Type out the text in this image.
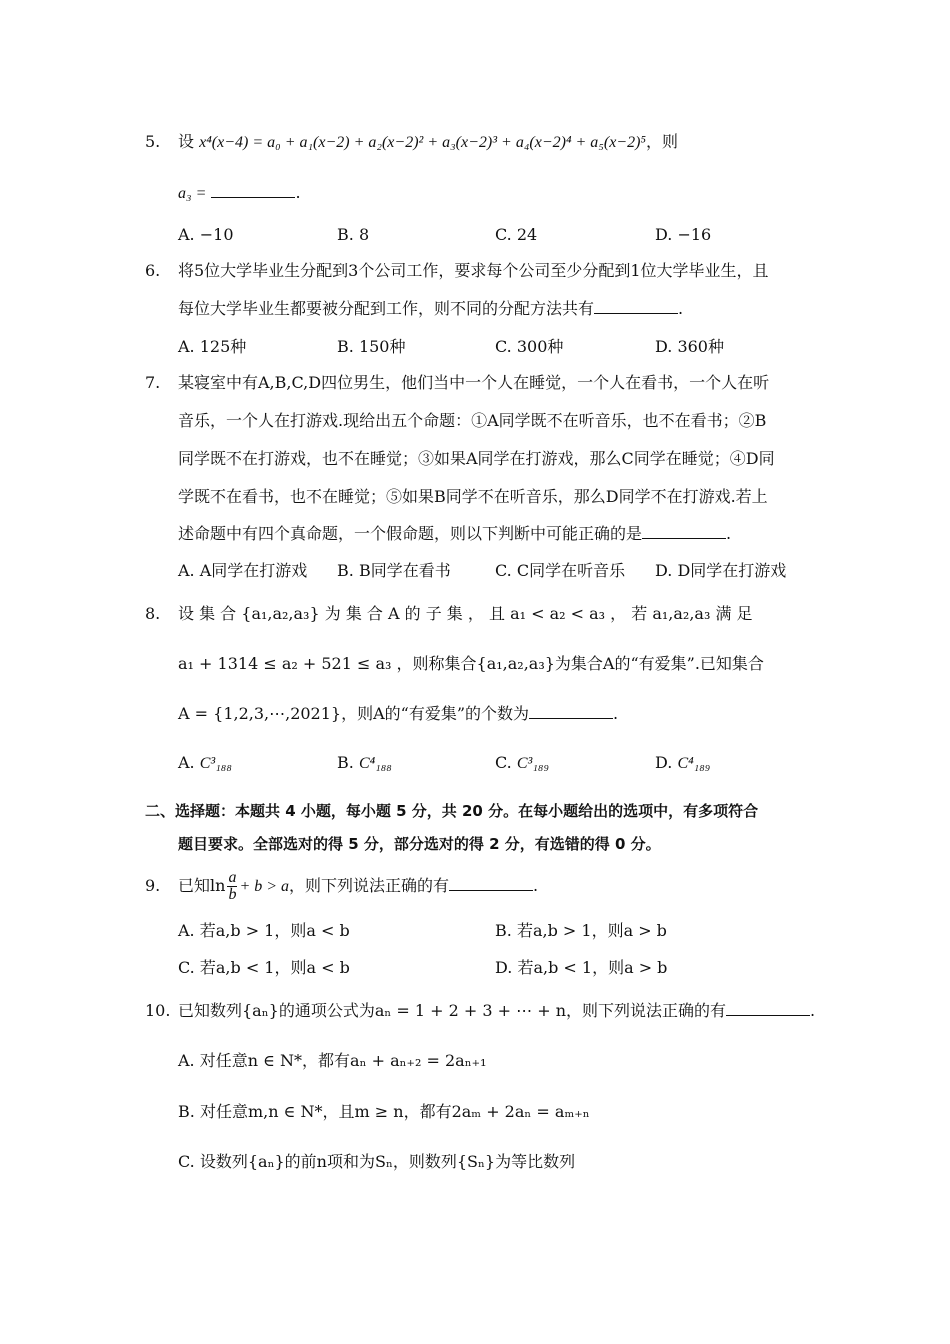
5. 设 x⁴(x−4) = a₀ + a₁(x−2) + a₂(x−2)² + a₃(x−2)³ + a₄(x−2)⁴ + a₅(x−2)⁵，则
a₃ =	.
A. −10	B. 8	C. 24	D. −16
6. 将5位大学毕业生分配到3个公司工作，要求每个公司至少分配到1位大学毕业生，且
每位大学毕业生都要被分配到工作，则不同的分配方法共有	.
A. 125种	B. 150种	C. 300种	D. 360种
7. 某寝室中有A,B,C,D四位男生，他们当中一个人在睡觉，一个人在看书，一个人在听
音乐，一个人在打游戏.现给出五个命题：①A同学既不在听音乐，也不在看书；②B
同学既不在打游戏，也不在睡觉；③如果A同学在打游戏，那么C同学在睡觉；④D同
学既不在看书，也不在睡觉；⑤如果B同学不在听音乐，那么D同学不在打游戏.若上
述命题中有四个真命题，一个假命题，则以下判断中可能正确的是	.
A. A同学在打游戏 B. B同学在看书	C. C同学在听音乐 D. D同学在打游戏
8. 设 集 合 {a₁,a₂,a₃} 为 集 合 A 的 子 集 ， 且 a₁ < a₂ < a₃ ， 若 a₁,a₂,a₃ 满 足
a₁ + 1314 ≤ a₂ + 521 ≤ a₃ ，则称集合{a₁,a₂,a₃}为集合A的“有爱集”.已知集合
A = {1,2,3,⋯,2021}，则A的“有爱集”的个数为	.
A. C³₁₈₈	B. C⁴₁₈₈	C. C³₁₈₉	D. C⁴₁₈₉
二、选择题：本题共 4 小题，每小题 5 分，共 20 分。在每小题给出的选项中，有多项符合
题目要求。全部选对的得 5 分，部分选对的得 2 分，有选错的得 0 分。
9. 已知$\ln \frac{a}{b} + b > a$，则下列说法正确的有	.
A. 若a,b > 1，则a < b	B. 若a,b > 1，则a > b
C. 若a,b < 1，则a < b	D. 若a,b < 1，则a > b
10. 已知数列{aₙ}的通项公式为aₙ = 1 + 2 + 3 + ⋯ + n，则下列说法正确的有	.
A. 对任意n ∈ N*，都有aₙ + aₙ₊₂ = 2aₙ₊₁
B. 对任意m,n ∈ N*，且m ≥ n，都有2aₘ + 2aₙ = aₘ₊ₙ
C. 设数列{aₙ}的前n项和为Sₙ，则数列{Sₙ}为等比数列
